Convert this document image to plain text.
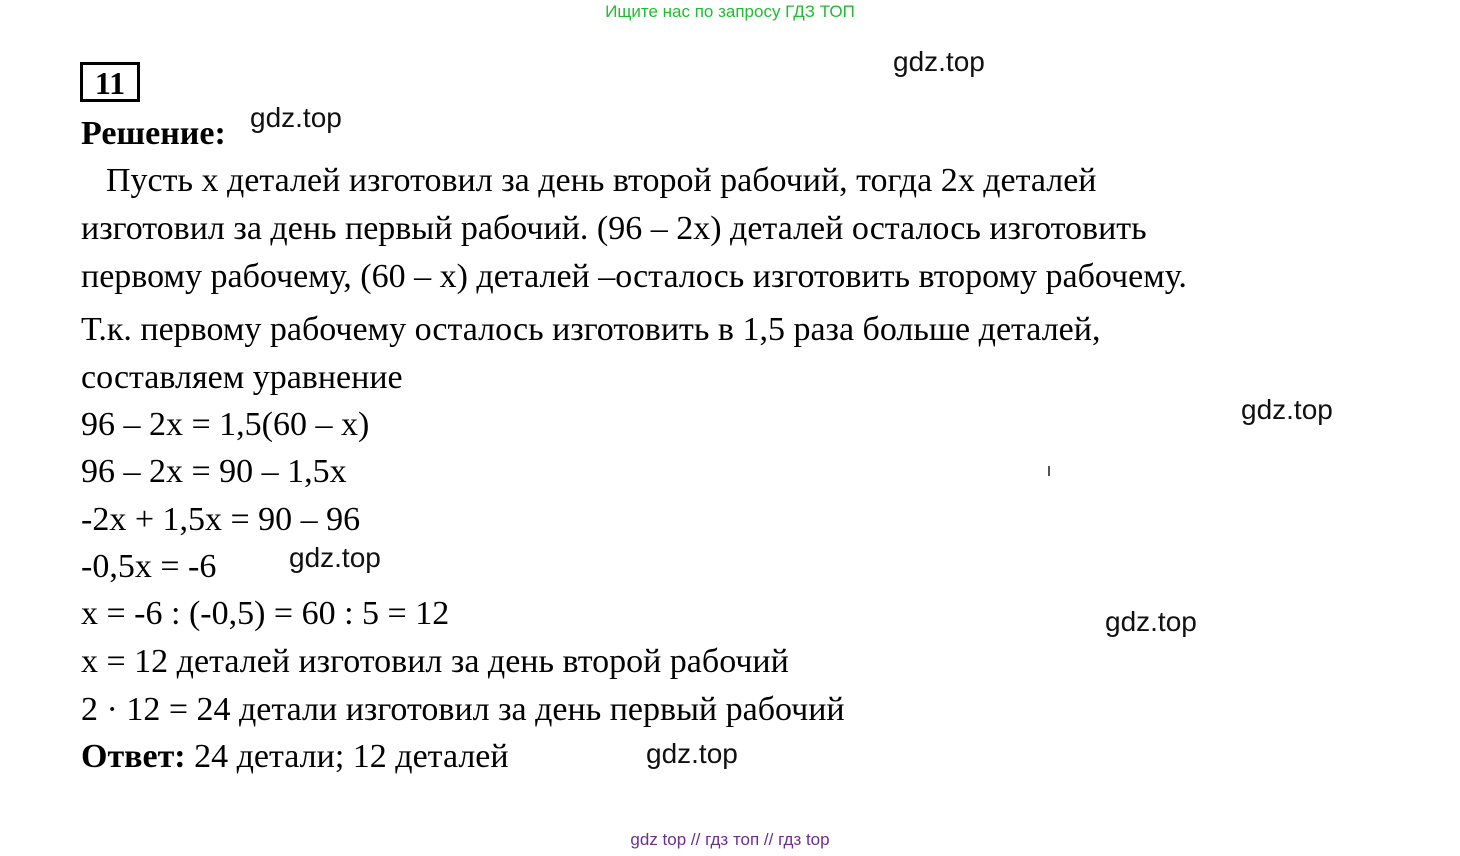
Ищите нас по запросу ГДЗ ТОП
11
Решение:
Пусть х деталей изготовил за день второй рабочий, тогда 2х деталей
изготовил за день первый рабочий. (96 – 2х) деталей осталось изготовить
первому рабочему, (60 – х) деталей –осталось изготовить второму рабочему.
Т.к. первому рабочему осталось изготовить в 1,5 раза больше деталей,
составляем уравнение
96 – 2х = 1,5(60 – х)
96 – 2х = 90 – 1,5х
-2х + 1,5х = 90 – 96
-0,5х = -6
х = -6 : (-0,5) = 60 : 5 = 12
х = 12 деталей изготовил за день второй рабочий
2 · 12 = 24 детали изготовил за день первый рабочий
Ответ: 24 детали; 12 деталей
gdz.top
gdz.top
gdz.top
gdz.top
gdz.top
gdz.top
gdz top // гдз топ // гдз top
